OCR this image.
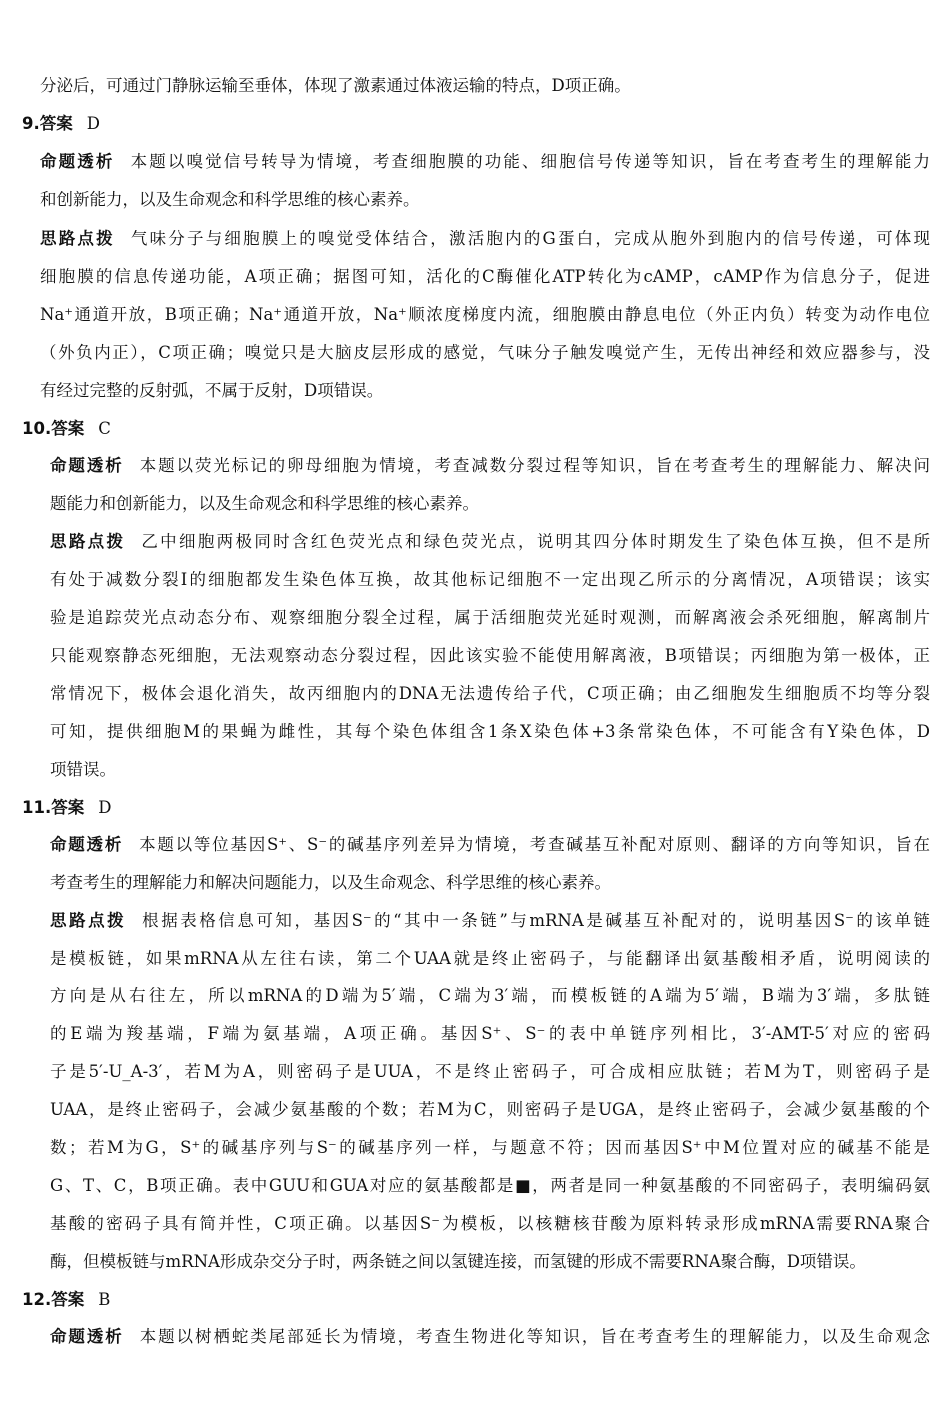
分泌后，可通过门静脉运输至垂体，体现了激素通过体液运输的特点，D项正确。
9.答案 D
命题透析 本题以嗅觉信号转导为情境，考查细胞膜的功能、细胞信号传递等知识，旨在考查考生的理解能力
和创新能力，以及生命观念和科学思维的核心素养。
思路点拨 气味分子与细胞膜上的嗅觉受体结合，激活胞内的G蛋白，完成从胞外到胞内的信号传递，可体现
细胞膜的信息传递功能，A项正确；据图可知，活化的C酶催化ATP转化为cAMP，cAMP作为信息分子，促进
Na⁺通道开放，B项正确；Na⁺通道开放，Na⁺顺浓度梯度内流，细胞膜由静息电位（外正内负）转变为动作电位
（外负内正），C项正确；嗅觉只是大脑皮层形成的感觉，气味分子触发嗅觉产生，无传出神经和效应器参与，没
有经过完整的反射弧，不属于反射，D项错误。
10.答案 C
命题透析 本题以荧光标记的卵母细胞为情境，考查减数分裂过程等知识，旨在考查考生的理解能力、解决问
题能力和创新能力，以及生命观念和科学思维的核心素养。
思路点拨 乙中细胞两极同时含红色荧光点和绿色荧光点，说明其四分体时期发生了染色体互换，但不是所
有处于减数分裂Ⅰ的细胞都发生染色体互换，故其他标记细胞不一定出现乙所示的分离情况，A项错误；该实
验是追踪荧光点动态分布、观察细胞分裂全过程，属于活细胞荧光延时观测，而解离液会杀死细胞，解离制片
只能观察静态死细胞，无法观察动态分裂过程，因此该实验不能使用解离液，B项错误；丙细胞为第一极体，正
常情况下，极体会退化消失，故丙细胞内的DNA无法遗传给子代，C项正确；由乙细胞发生细胞质不均等分裂
可知，提供细胞M的果蝇为雌性，其每个染色体组含1条X染色体+3条常染色体，不可能含有Y染色体，D
项错误。
11.答案 D
命题透析 本题以等位基因S⁺、S⁻的碱基序列差异为情境，考查碱基互补配对原则、翻译的方向等知识，旨在
考查考生的理解能力和解决问题能力，以及生命观念、科学思维的核心素养。
思路点拨 根据表格信息可知，基因S⁻的“其中一条链”与mRNA是碱基互补配对的，说明基因S⁻的该单链
是模板链，如果mRNA从左往右读，第二个UAA就是终止密码子，与能翻译出氨基酸相矛盾，说明阅读的
方向是从右往左，所以mRNA的D端为5′端，C端为3′端，而模板链的A端为5′端，B端为3′端，多肽链
的E端为羧基端，F端为氨基端，A项正确。基因S⁺、S⁻的表中单链序列相比，3′-AMT-5′对应的密码
子是5′-U_A-3′，若M为A，则密码子是UUA，不是终止密码子，可合成相应肽链；若M为T，则密码子是
UAA，是终止密码子，会减少氨基酸的个数；若M为C，则密码子是UGA，是终止密码子，会减少氨基酸的个
数；若M为G，S⁺的碱基序列与S⁻的碱基序列一样，与题意不符；因而基因S⁺中M位置对应的碱基不能是
G、T、C，B项正确。表中GUU和GUA对应的氨基酸都是■，两者是同一种氨基酸的不同密码子，表明编码氨
基酸的密码子具有简并性，C项正确。以基因S⁻为模板，以核糖核苷酸为原料转录形成mRNA需要RNA聚合
酶，但模板链与mRNA形成杂交分子时，两条链之间以氢键连接，而氢键的形成不需要RNA聚合酶，D项错误。
12.答案 B
命题透析 本题以树栖蛇类尾部延长为情境，考查生物进化等知识，旨在考查考生的理解能力，以及生命观念
